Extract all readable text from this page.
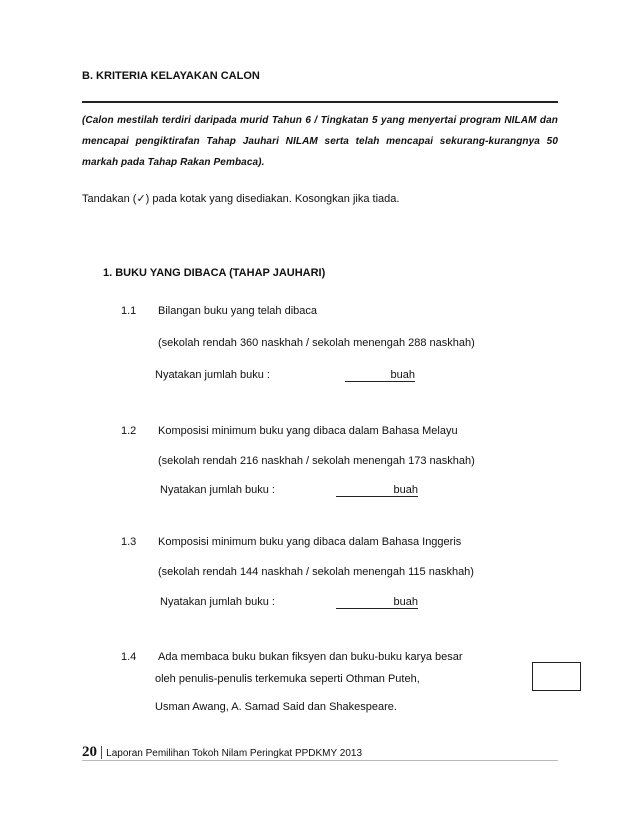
B. KRITERIA KELAYAKAN CALON
(Calon mestilah terdiri daripada murid Tahun 6 / Tingkatan 5 yang menyertai program NILAM dan mencapai pengiktirafan Tahap Jauhari NILAM serta telah mencapai sekurang-kurangnya 50 markah pada Tahap Rakan Pembaca).
Tandakan (✓) pada kotak yang disediakan. Kosongkan jika tiada.
1. BUKU YANG DIBACA (TAHAP JAUHARI)
1.1 Bilangan buku yang telah dibaca
(sekolah rendah 360 naskhah / sekolah menengah 288 naskhah)
Nyatakan jumlah buku :	buah
1.2 Komposisi minimum buku yang dibaca dalam Bahasa Melayu
(sekolah rendah 216 naskhah / sekolah menengah 173 naskhah)
Nyatakan jumlah buku :	buah
1.3 Komposisi minimum buku yang dibaca dalam Bahasa Inggeris
(sekolah rendah 144 naskhah / sekolah menengah 115 naskhah)
Nyatakan jumlah buku :	buah
1.4 Ada membaca buku bukan fiksyen dan buku-buku karya besar
oleh penulis-penulis terkemuka seperti Othman Puteh,
Usman Awang, A. Samad Said dan Shakespeare.
20 | Laporan Pemilihan Tokoh Nilam Peringkat PPDKMY 2013
